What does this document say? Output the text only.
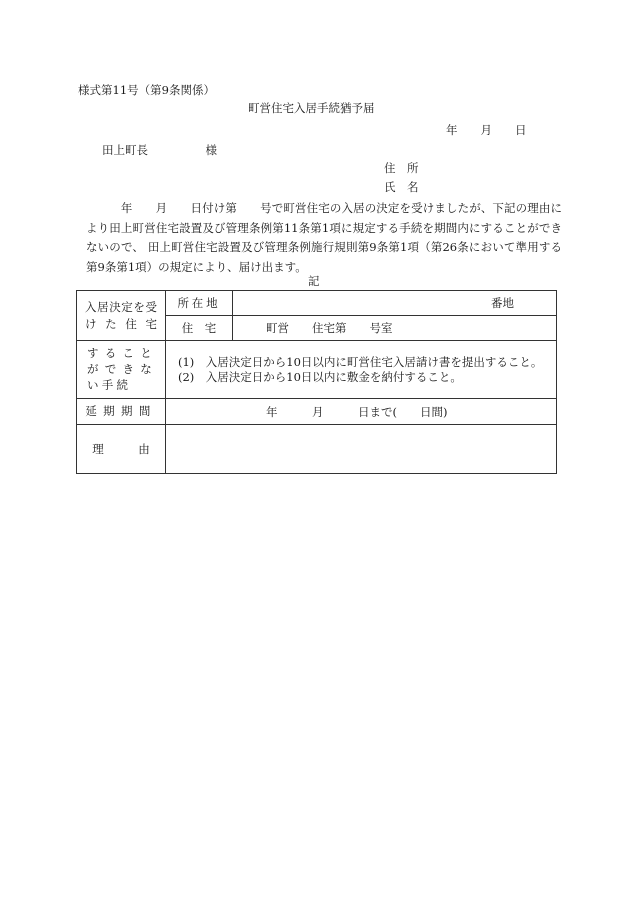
様式第11号（第9条関係）
町営住宅入居手続猶予届
年　　月　　日
田上町長　　　　　様
住　所
氏　名
　　　年　　月　　日付け第　　号で町営住宅の入居の決定を受けましたが、下記の理由により田上町営住宅設置及び管理条例第11条第1項に規定する手続を期間内にすることができないので、 田上町営住宅設置及び管理条例施行規則第9条第1項（第26条において準用する第9条第1項）の規定により、届け出ます。
記
入居決定を受けた住宅	所在地	番地
	住　宅	町営　　住宅第　　号室
することができない手続	(1)　入居決定日から10日以内に町営住宅入居請け書を提出すること。
(2)　入居決定日から10日以内に敷金を納付すること。	

延期期間	年　　　月　　　日まで(　　日間)	
理　　　由		
